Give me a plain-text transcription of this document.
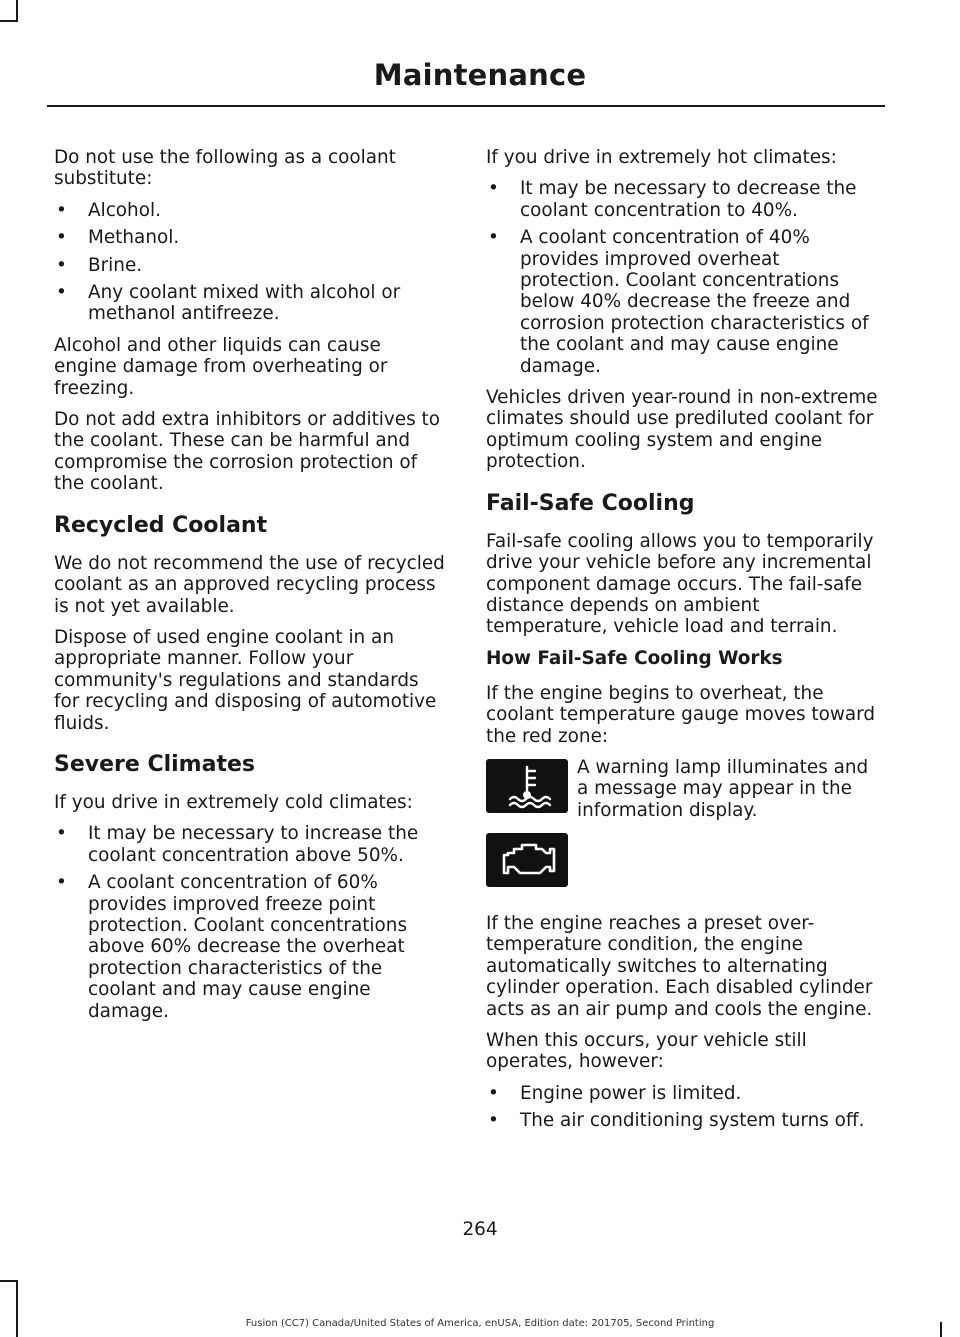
Maintenance

Do not use the following as a coolant substitute:

• Alcohol.
• Methanol.
• Brine.
• Any coolant mixed with alcohol or methanol antifreeze.

Alcohol and other liquids can cause engine damage from overheating or freezing.

Do not add extra inhibitors or additives to the coolant. These can be harmful and compromise the corrosion protection of the coolant.

Recycled Coolant

We do not recommend the use of recycled coolant as an approved recycling process is not yet available.

Dispose of used engine coolant in an appropriate manner. Follow your community's regulations and standards for recycling and disposing of automotive fluids.

Severe Climates

If you drive in extremely cold climates:

• It may be necessary to increase the coolant concentration above 50%.
• A coolant concentration of 60% provides improved freeze point protection. Coolant concentrations above 60% decrease the overheat protection characteristics of the coolant and may cause engine damage.

If you drive in extremely hot climates:

• It may be necessary to decrease the coolant concentration to 40%.
• A coolant concentration of 40% provides improved overheat protection. Coolant concentrations below 40% decrease the freeze and corrosion protection characteristics of the coolant and may cause engine damage.

Vehicles driven year-round in non-extreme climates should use prediluted coolant for optimum cooling system and engine protection.

Fail-Safe Cooling

Fail-safe cooling allows you to temporarily drive your vehicle before any incremental component damage occurs. The fail-safe distance depends on ambient temperature, vehicle load and terrain.

How Fail-Safe Cooling Works

If the engine begins to overheat, the coolant temperature gauge moves toward the red zone:

A warning lamp illuminates and a message may appear in the information display.

If the engine reaches a preset over-temperature condition, the engine automatically switches to alternating cylinder operation. Each disabled cylinder acts as an air pump and cools the engine.

When this occurs, your vehicle still operates, however:

• Engine power is limited.
• The air conditioning system turns off.
264
Fusion (CC7) Canada/United States of America, enUSA, Edition date: 201705, Second Printing
